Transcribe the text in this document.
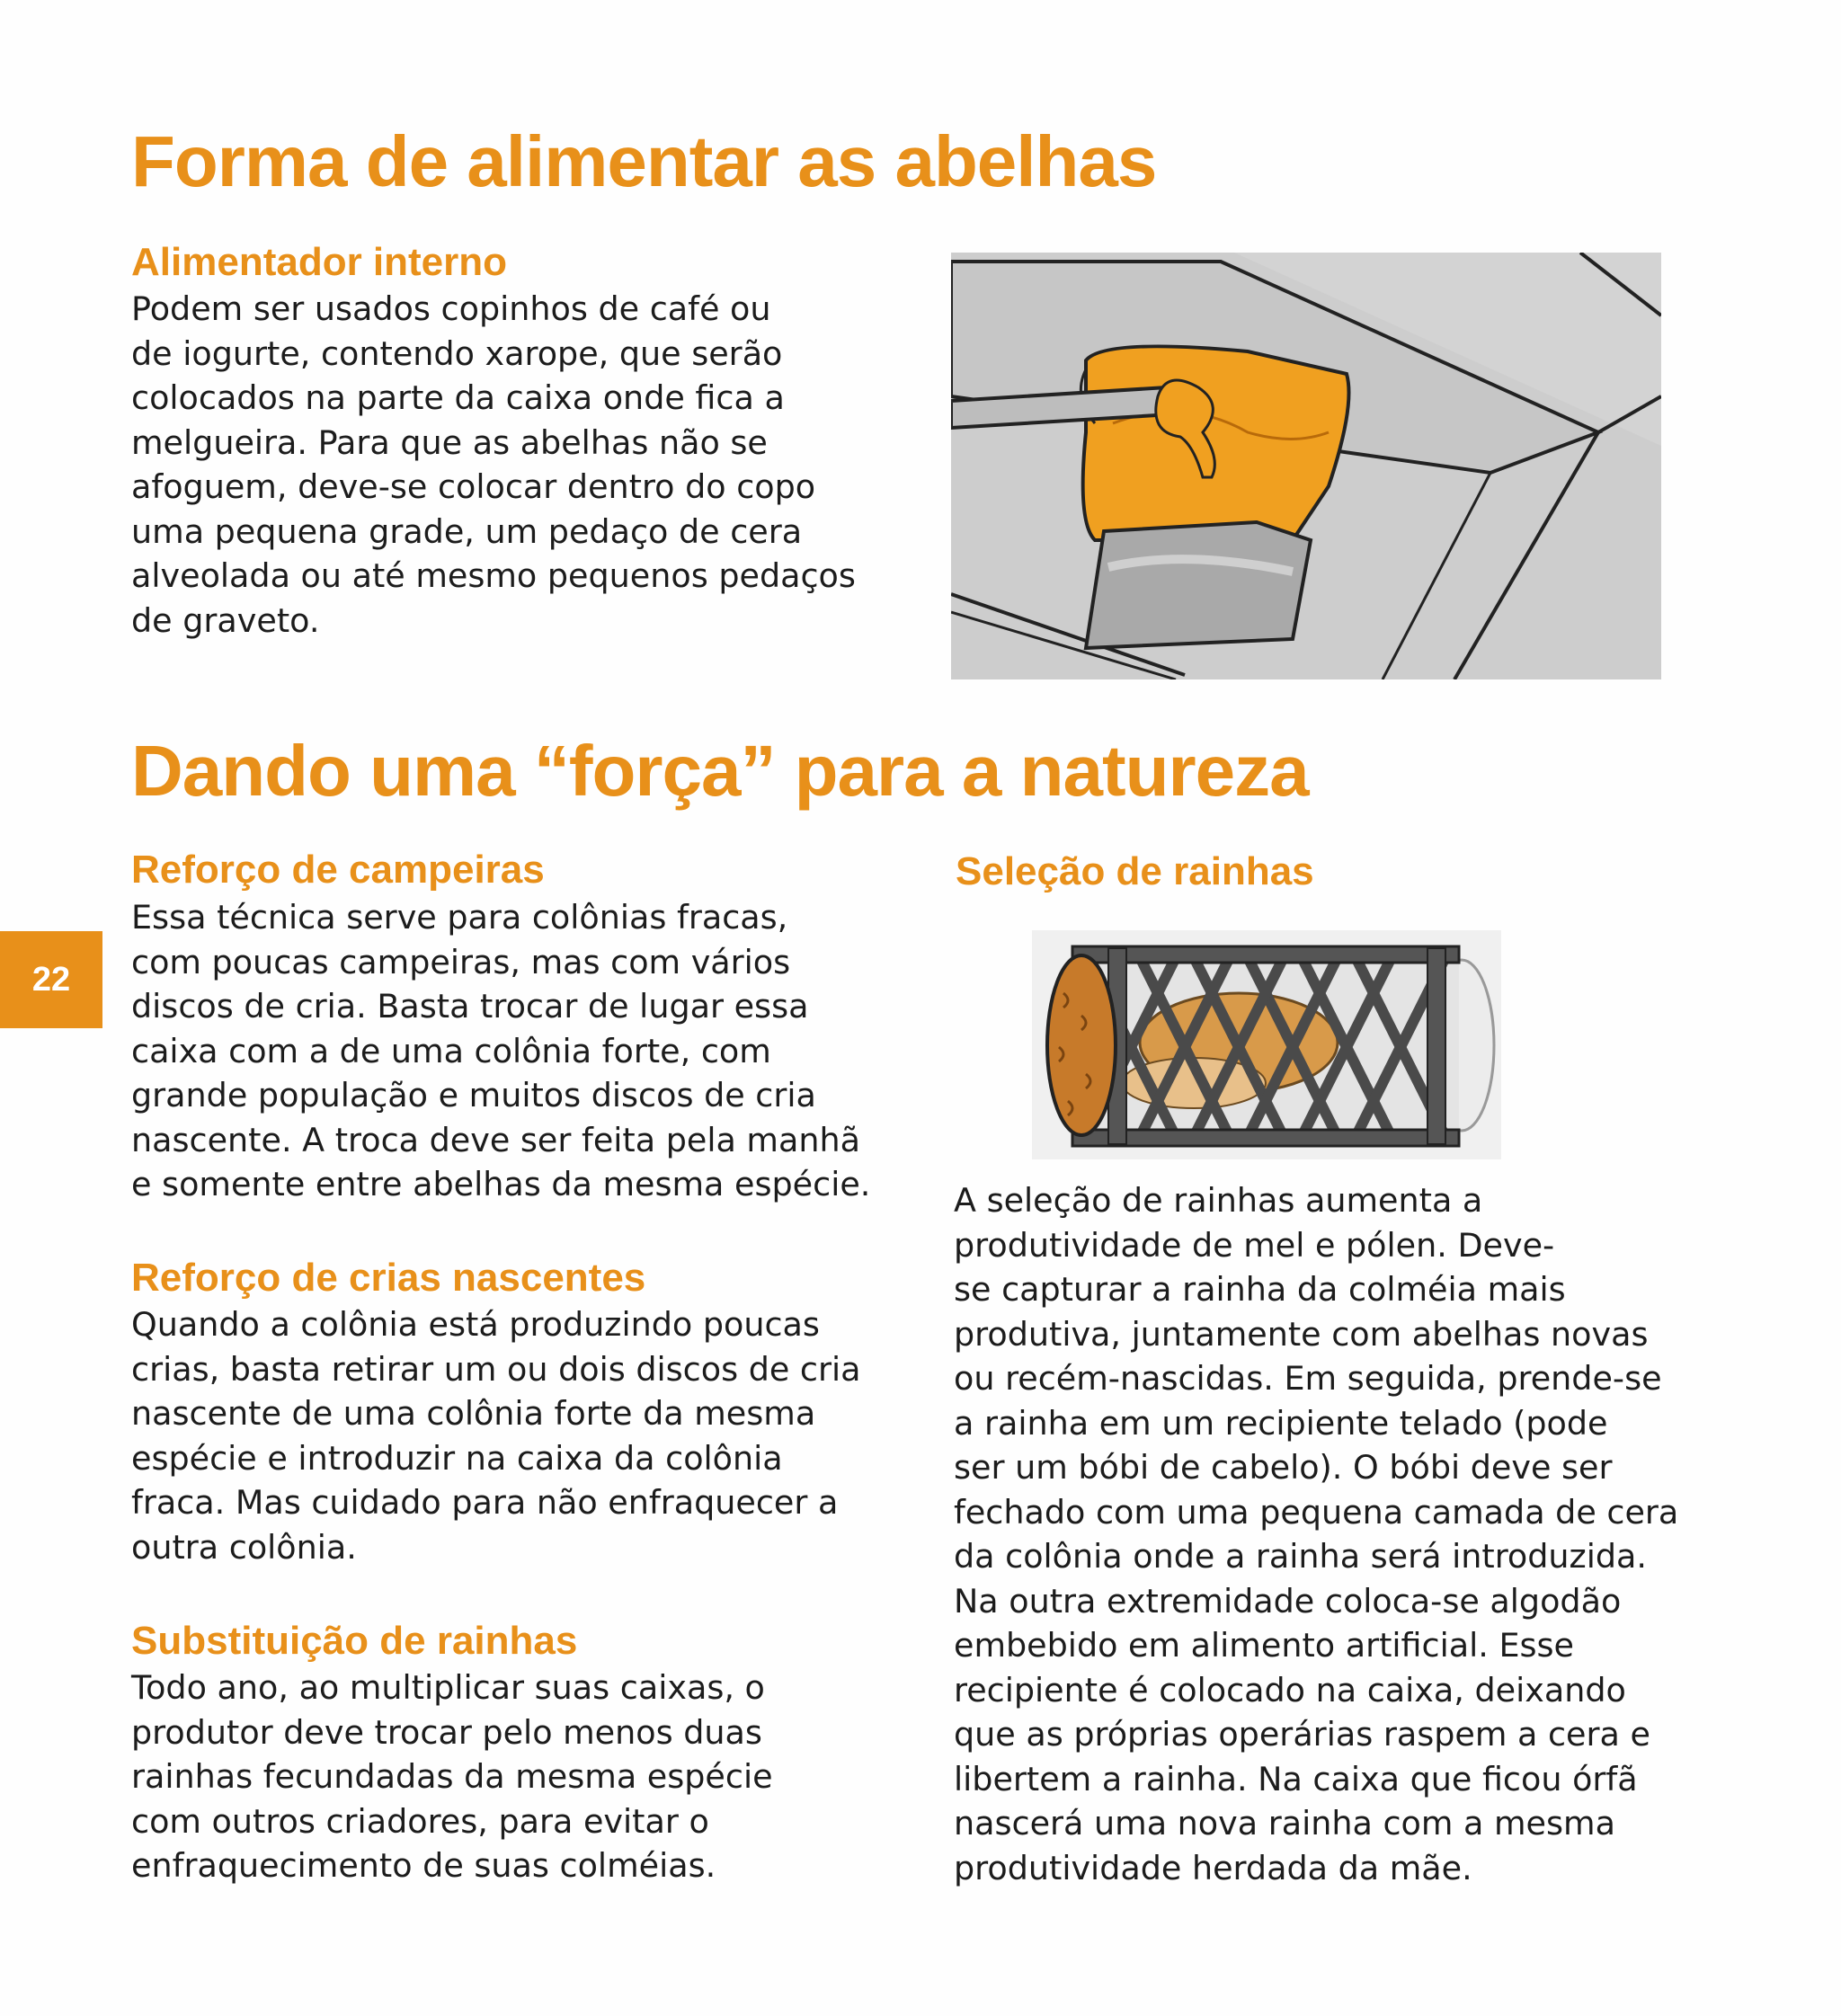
Forma de alimentar as abelhas
Alimentador interno

Podem ser usados copinhos de café ou
de iogurte, contendo xarope, que serão
colocados na parte da caixa onde fica a
melgueira. Para que as abelhas não se
afoguem, deve-se colocar dentro do copo
uma pequena grade, um pedaço de cera
alveolada ou até mesmo pequenos pedaços
de graveto.

Dando uma “força” para a natureza
Reforço de campeiras

Essa técnica serve para colônias fracas,
com poucas campeiras, mas com vários
discos de cria. Basta trocar de lugar essa
caixa com a de uma colônia forte, com
grande população e muitos discos de cria
nascente. A troca deve ser feita pela manhã
e somente entre abelhas da mesma espécie.

Reforço de crias nascentes

Quando a colônia está produzindo poucas
crias, basta retirar um ou dois discos de cria
nascente de uma colônia forte da mesma
espécie e introduzir na caixa da colônia
fraca. Mas cuidado para não enfraquecer a
outra colônia.

Substituição de rainhas

Todo ano, ao multiplicar suas caixas, o
produtor deve trocar pelo menos duas
rainhas fecundadas da mesma espécie
com outros criadores, para evitar o
enfraquecimento de suas colméias.

Seleção de rainhas

A seleção de rainhas aumenta a
produtividade de mel e pólen. Deve-
se capturar a rainha da colméia mais
produtiva, juntamente com abelhas novas
ou recém-nascidas. Em seguida, prende-se
a rainha em um recipiente telado (pode
ser um bóbi de cabelo). O bóbi deve ser
fechado com uma pequena camada de cera
da colônia onde a rainha será introduzida.
Na outra extremidade coloca-se algodão
embebido em alimento artificial. Esse
recipiente é colocado na caixa, deixando
que as próprias operárias raspem a cera e
libertem a rainha. Na caixa que ficou órfã
nascerá uma nova rainha com a mesma
produtividade herdada da mãe.

22
